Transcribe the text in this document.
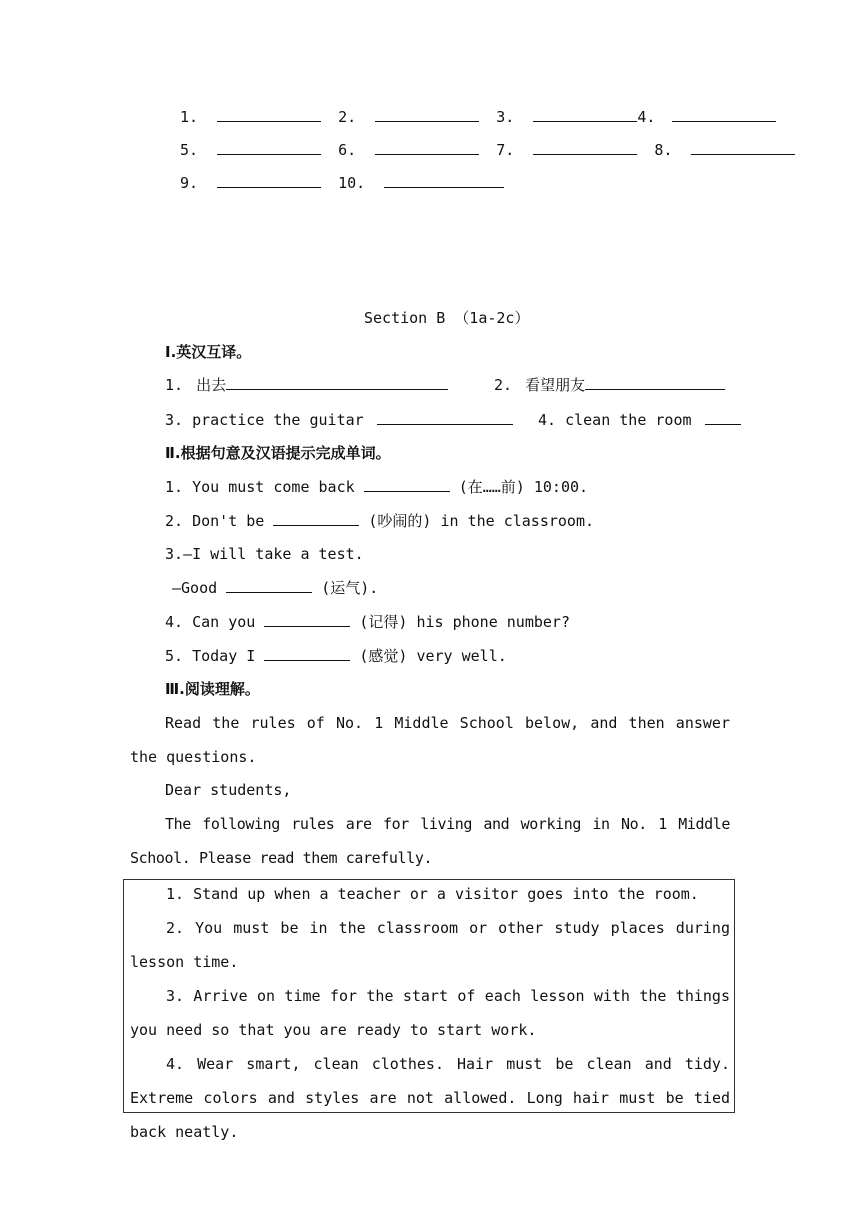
1.	2.	3.	4.
5.	6.	7.	8.
9.	10.
Section B （1a-2c）
Ⅰ.英汉互译。
1. 出去	2. 看望朋友
3. practice the guitar	4. clean the room
Ⅱ.根据句意及汉语提示完成单词。
1. You must come back	(在……前) 10:00.
2. Don't be	(吵闹的) in the classroom.
3.—I will take a test.
—Good	(运气).
4. Can you	(记得) his phone number?
5. Today I	(感觉) very well.
Ⅲ.阅读理解。
Read the rules of No. 1 Middle School below, and then answer the questions.
Dear students,
The following rules are for living and working in No. 1 Middle School. Please read them carefully.

1. Stand up when a teacher or a visitor goes into the room.

2. You must be in the classroom or other study places during lesson time.

3. Arrive on time for the start of each lesson with the things you need so that you are ready to start work.

4. Wear smart, clean clothes. Hair must be clean and tidy. Extreme colors and styles are not allowed. Long hair must be tied back neatly.
